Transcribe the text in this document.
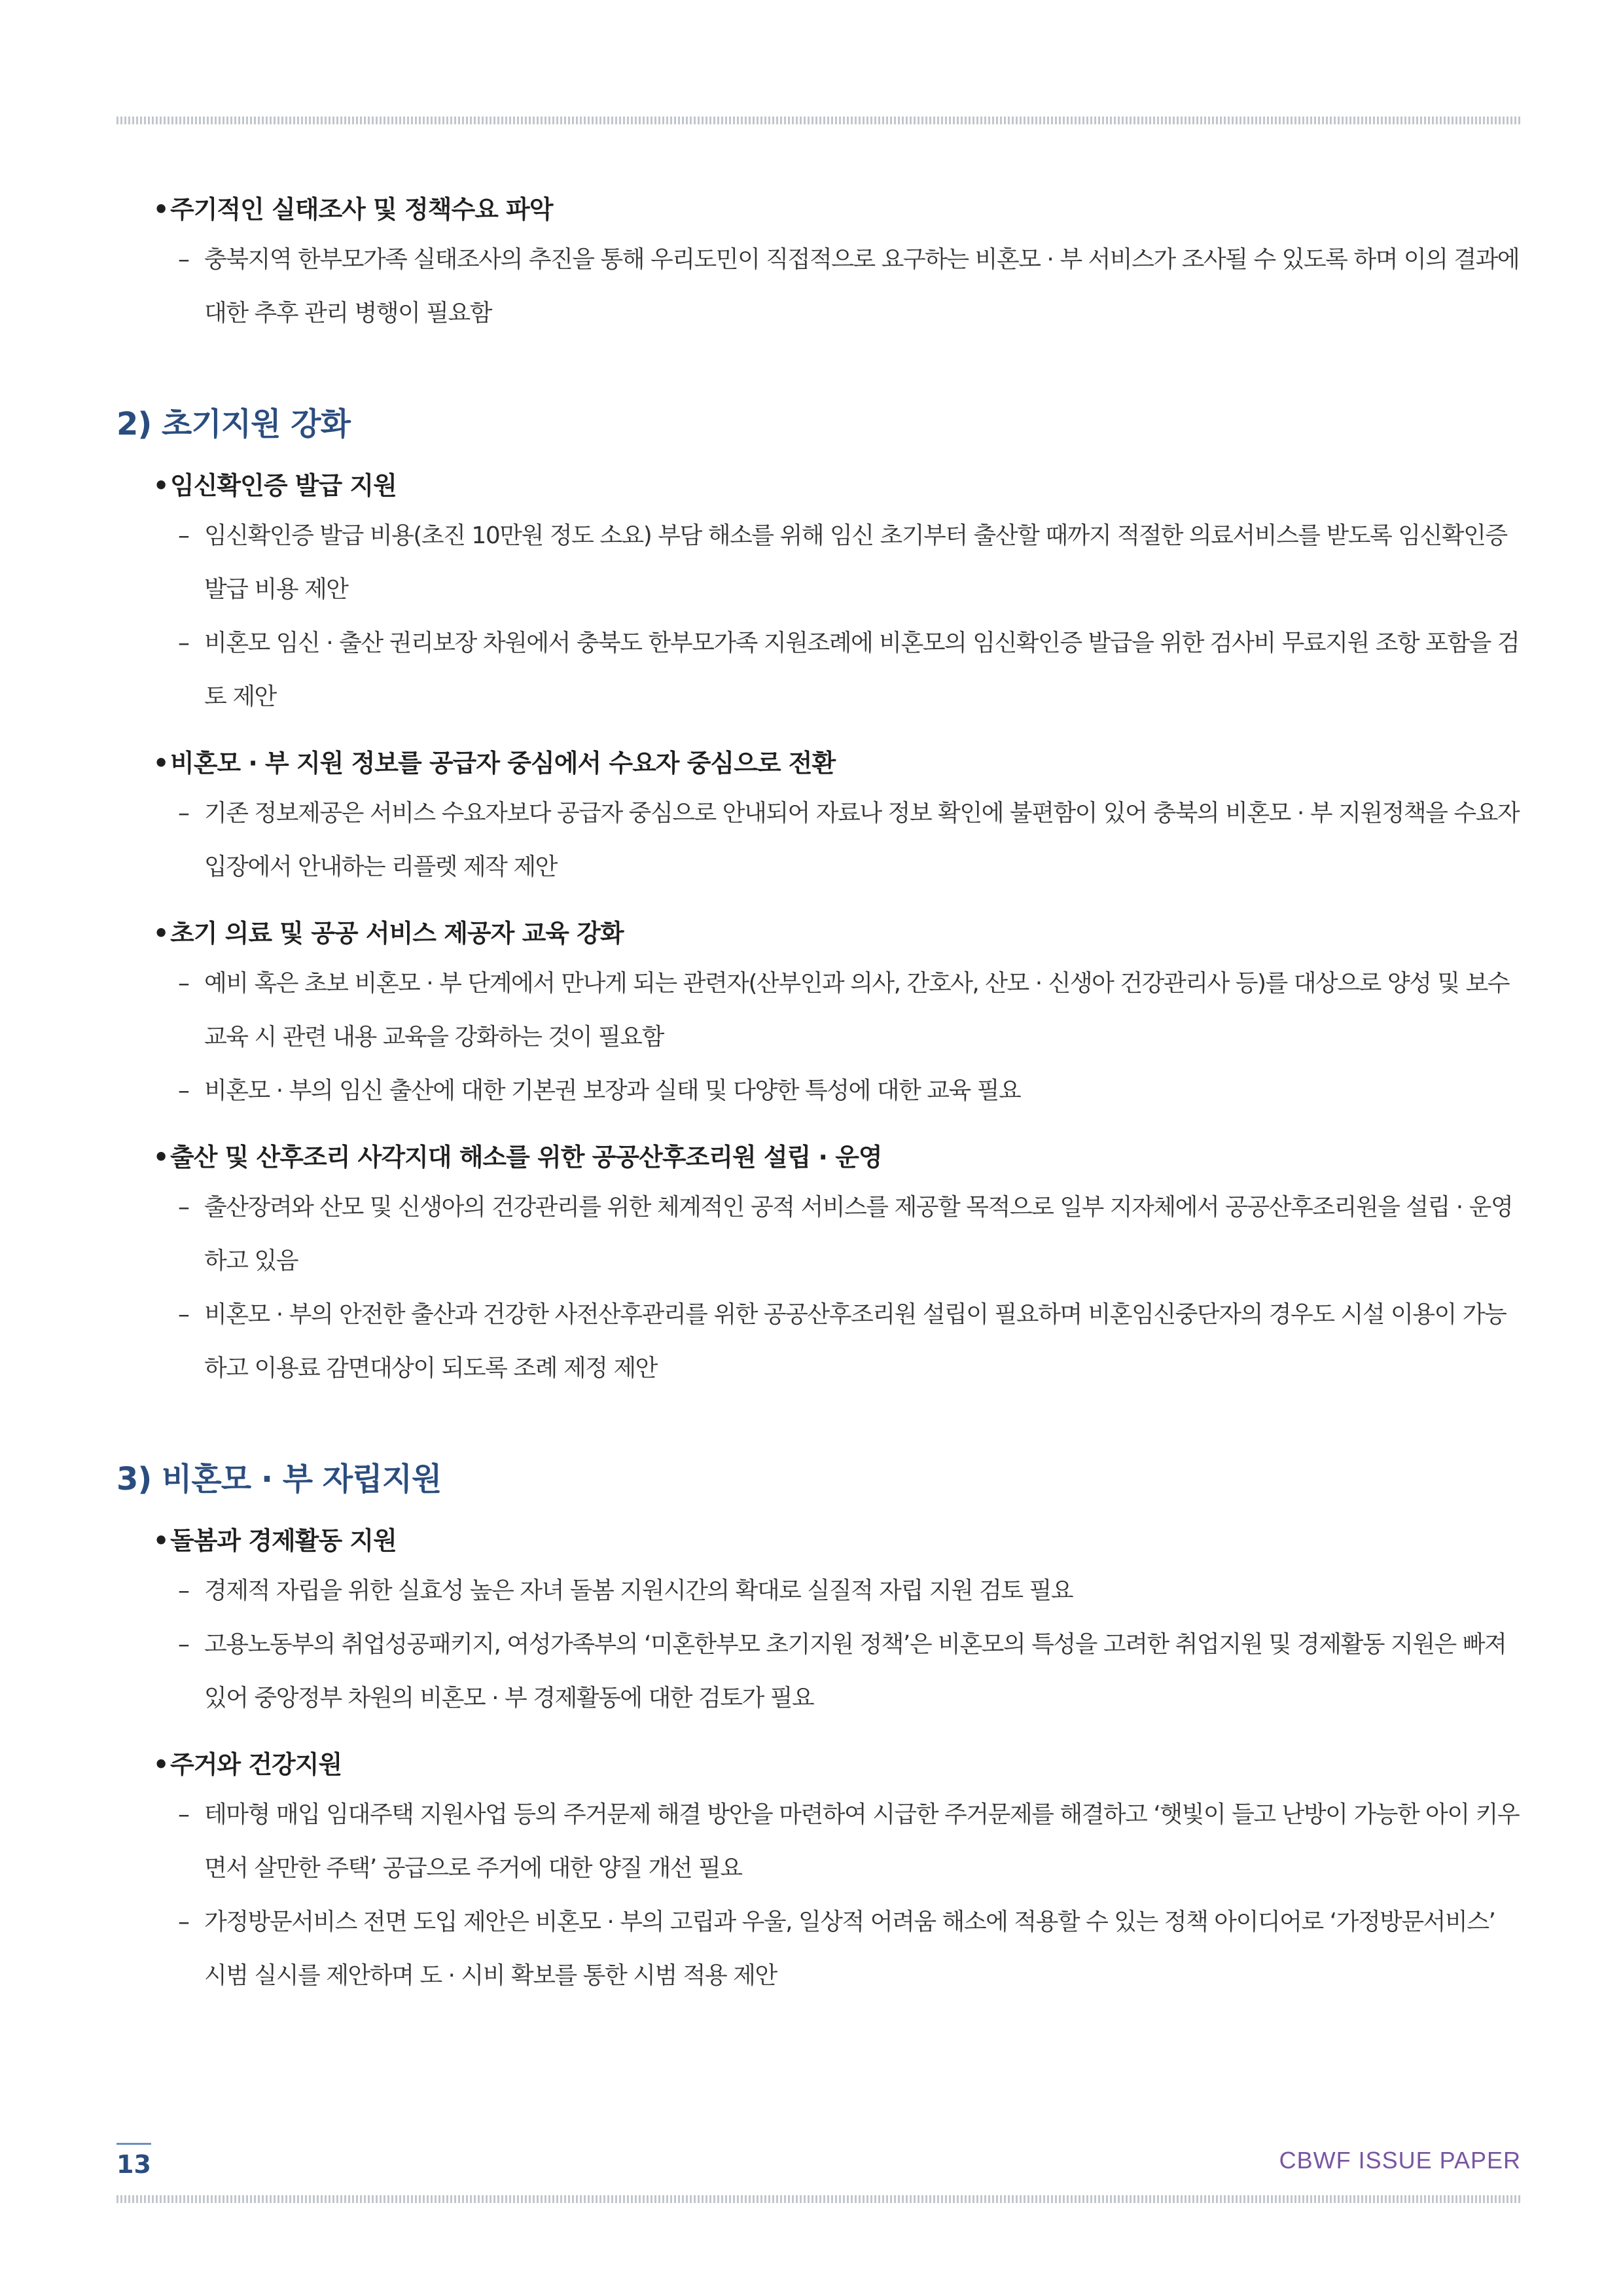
• 주기적인 실태조사 및 정책수요 파악
– 충북지역 한부모가족 실태조사의 추진을 통해 우리도민이 직접적으로 요구하는 비혼모 · 부 서비스가 조사될 수 있도록 하며 이의 결과에 대한 추후 관리 병행이 필요함
2) 초기지원 강화
• 임신확인증 발급 지원
– 임신확인증 발급 비용(초진 10만원 정도 소요) 부담 해소를 위해 임신 초기부터 출산할 때까지 적절한 의료서비스를 받도록 임신확인증 발급 비용 제안
– 비혼모 임신 · 출산 권리보장 차원에서 충북도 한부모가족 지원조례에 비혼모의 임신확인증 발급을 위한 검사비 무료지원 조항 포함을 검토 제안
• 비혼모 · 부 지원 정보를 공급자 중심에서 수요자 중심으로 전환
– 기존 정보제공은 서비스 수요자보다 공급자 중심으로 안내되어 자료나 정보 확인에 불편함이 있어 충북의 비혼모 · 부 지원정책을 수요자 입장에서 안내하는 리플렛 제작 제안
• 초기 의료 및 공공 서비스 제공자 교육 강화
– 예비 혹은 초보 비혼모 · 부 단계에서 만나게 되는 관련자(산부인과 의사, 간호사, 산모 · 신생아 건강관리사 등)를 대상으로 양성 및 보수교육 시 관련 내용 교육을 강화하는 것이 필요함
– 비혼모 · 부의 임신 출산에 대한 기본권 보장과 실태 및 다양한 특성에 대한 교육 필요
• 출산 및 산후조리 사각지대 해소를 위한 공공산후조리원 설립 · 운영
– 출산장려와 산모 및 신생아의 건강관리를 위한 체계적인 공적 서비스를 제공할 목적으로 일부 지자체에서 공공산후조리원을 설립 · 운영하고 있음
– 비혼모 · 부의 안전한 출산과 건강한 사전산후관리를 위한 공공산후조리원 설립이 필요하며 비혼임신중단자의 경우도 시설 이용이 가능하고 이용료 감면대상이 되도록 조례 제정 제안
3) 비혼모 · 부 자립지원
• 돌봄과 경제활동 지원
– 경제적 자립을 위한 실효성 높은 자녀 돌봄 지원시간의 확대로 실질적 자립 지원 검토 필요
– 고용노동부의 취업성공패키지, 여성가족부의 ‘미혼한부모 초기지원 정책’은 비혼모의 특성을 고려한 취업지원 및 경제활동 지원은 빠져 있어 중앙정부 차원의 비혼모 · 부 경제활동에 대한 검토가 필요
• 주거와 건강지원
– 테마형 매입 임대주택 지원사업 등의 주거문제 해결 방안을 마련하여 시급한 주거문제를 해결하고 ‘햇빛이 들고 난방이 가능한 아이 키우면서 살만한 주택’ 공급으로 주거에 대한 양질 개선 필요
– 가정방문서비스 전면 도입 제안은 비혼모 · 부의 고립과 우울, 일상적 어려움 해소에 적용할 수 있는 정책 아이디어로 ‘가정방문서비스’ 시범 실시를 제안하며 도 · 시비 확보를 통한 시범 적용 제안
13	CBWF ISSUE PAPER
